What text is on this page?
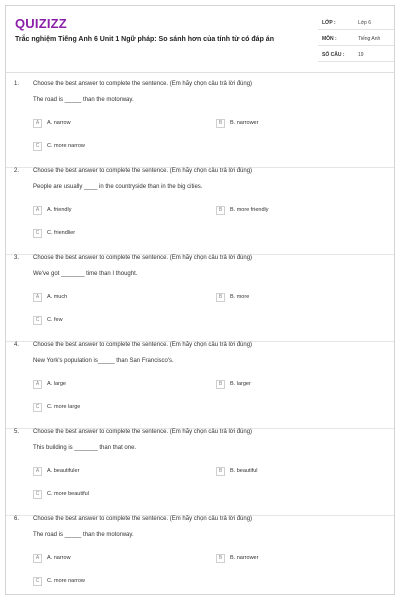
QUIZIZZ
Trắc nghiệm Tiếng Anh 6 Unit 1 Ngữ pháp: So sánh hơn của tính từ có đáp án
LỚP :	Lớp 6
MÔN :	Tiếng Anh
SỐ CÂU :	19
1. Choose the best answer to complete the sentence. (Em hãy chọn câu trả lời đúng)
The road is _____ than the motorway.
A	A. narrow	B	B. narrower
C	C. more narrow
2. Choose the best answer to complete the sentence. (Em hãy chọn câu trả lời đúng)
People are usually ____ in the countryside than in the big cities.
A	A. friendly	B	B. more friendly
C	C. friendlier
3. Choose the best answer to complete the sentence. (Em hãy chọn câu trả lời đúng)
We've got _______ time than I thought.
A	A. much	B	B. more
C	C. few
4. Choose the best answer to complete the sentence. (Em hãy chọn câu trả lời đúng)
New York's population is_____ than San Francisco's.
A	A. large	B	B. larger
C	C. more large
5. Choose the best answer to complete the sentence. (Em hãy chọn câu trả lời đúng)
This building is _______ than that one.
A	A. beautifuler	B	B. beautiful
C	C. more beautiful
6. Choose the best answer to complete the sentence. (Em hãy chọn câu trả lời đúng)
The road is _____ than the motorway.
A	A. narrow	B	B. narrower
C	C. more narrow
